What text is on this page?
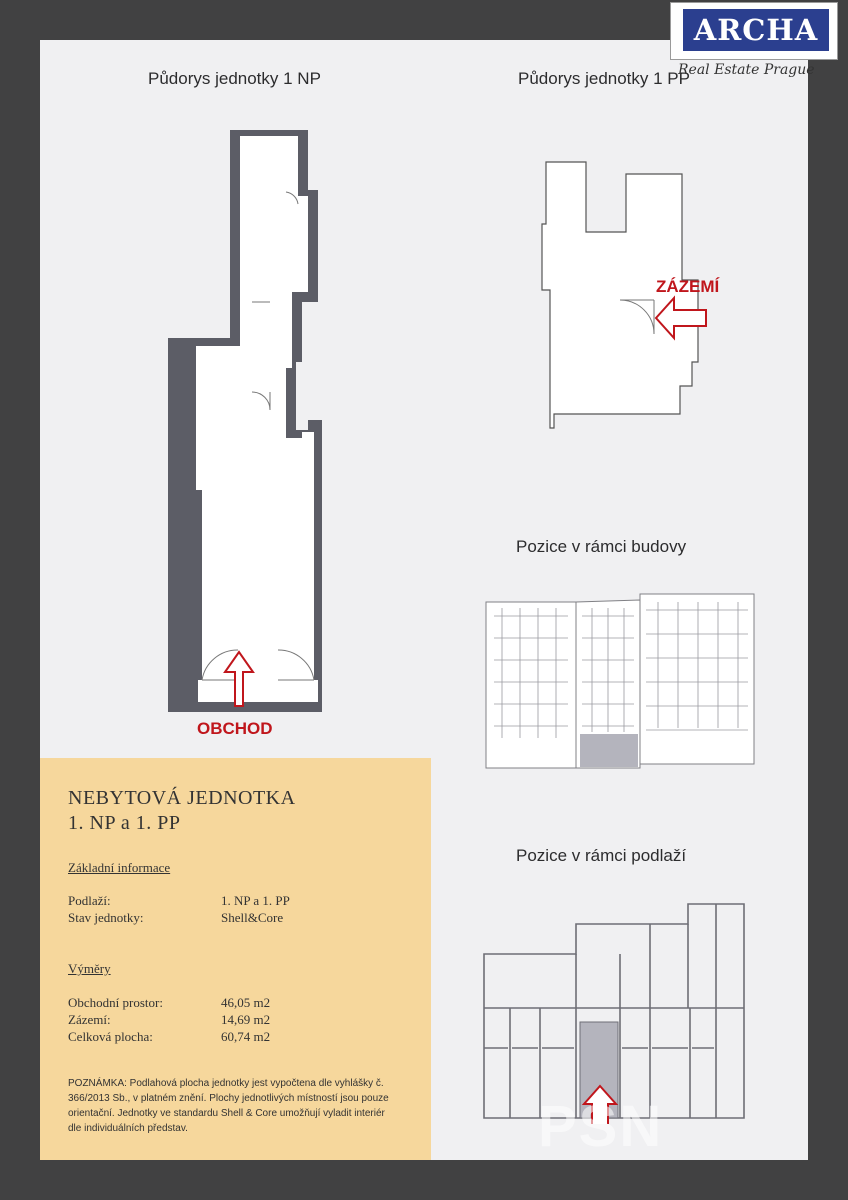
Půdorys jednotky 1 NP	Půdorys jednotky 1 PP
OBCHOD
ZÁZEMÍ
Pozice v rámci budovy
Pozice v rámci podlaží
PSN
NEBYTOVÁ JEDNOTKA
1. NP a 1. PP
Základní informace
Podlaží:	1. NP a 1. PP
Stav jednotky:	Shell&Core
Výměry
Obchodní prostor:	46,05 m2
Zázemí:	14,69 m2
Celková plocha:	60,74 m2
POZNÁMKA: Podlahová plocha jednotky jest vypočtena dle vyhlášky č. 366/2013 Sb., v platném znění. Plochy jednotlivých místností jsou pouze orientační. Jednotky ve standardu Shell & Core umožňují vyladit interiér dle individuálních představ.
ARCHA
Real Estate Prague
